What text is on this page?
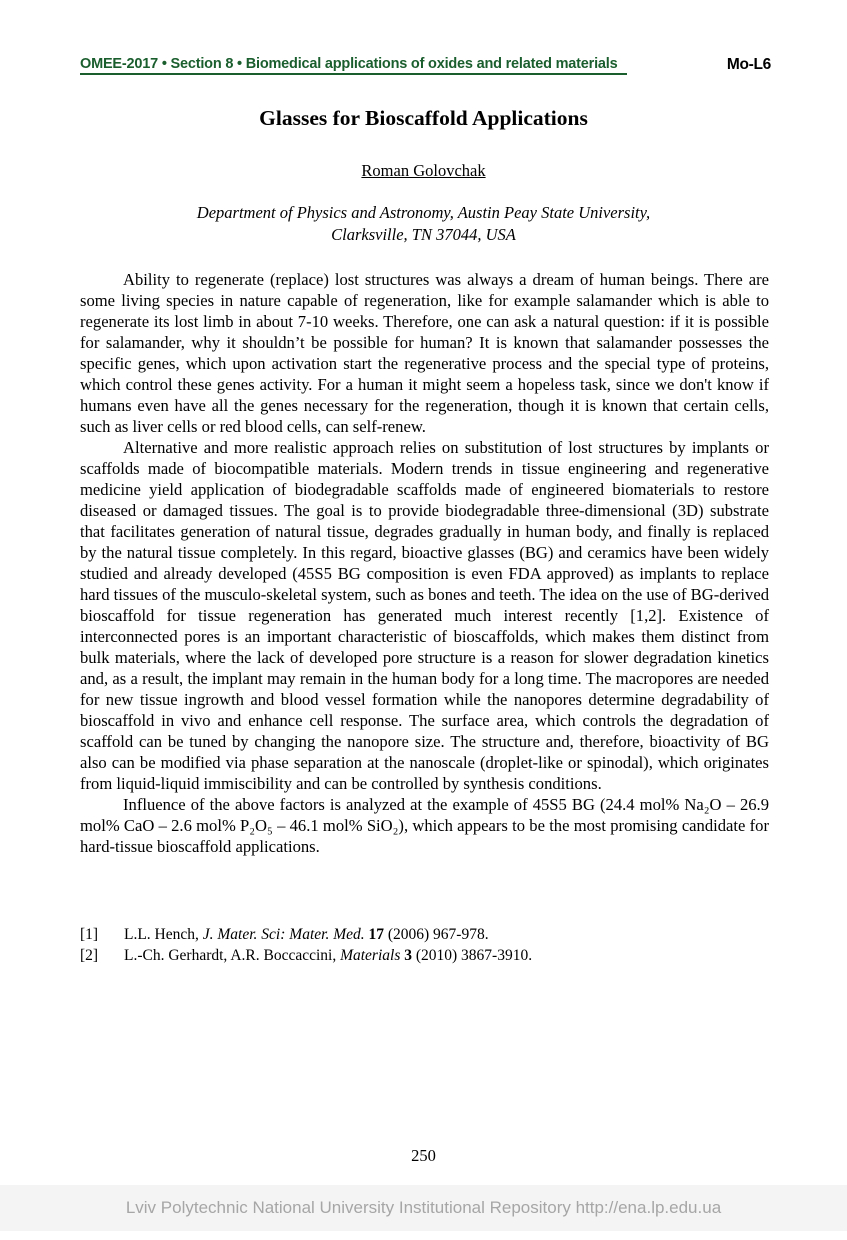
OMEE-2017 • Section 8 • Biomedical applications of oxides and related materials	Mo-L6
Glasses for Bioscaffold Applications
Roman Golovchak
Department of Physics and Astronomy, Austin Peay State University,
Clarksville, TN 37044, USA

Ability to regenerate (replace) lost structures was always a dream of human beings. There are some living species in nature capable of regeneration, like for example salamander which is able to regenerate its lost limb in about 7-10 weeks. Therefore, one can ask a natural question: if it is possible for salamander, why it shouldn’t be possible for human? It is known that salamander possesses the specific genes, which upon activation start the regenerative process and the special type of proteins, which control these genes activity. For a human it might seem a hopeless task, since we don't know if humans even have all the genes necessary for the regeneration, though it is known that certain cells, such as liver cells or red blood cells, can self-renew.

Alternative and more realistic approach relies on substitution of lost structures by implants or scaffolds made of biocompatible materials. Modern trends in tissue engineering and regenerative medicine yield application of biodegradable scaffolds made of engineered biomaterials to restore diseased or damaged tissues. The goal is to provide biodegradable three-dimensional (3D) substrate that facilitates generation of natural tissue, degrades gradually in human body, and finally is replaced by the natural tissue completely. In this regard, bioactive glasses (BG) and ceramics have been widely studied and already developed (45S5 BG composition is even FDA approved) as implants to replace hard tissues of the musculo-skeletal system, such as bones and teeth. The idea on the use of BG-derived bioscaffold for tissue regeneration has generated much interest recently [1,2]. Existence of interconnected pores is an important characteristic of bioscaffolds, which makes them distinct from bulk materials, where the lack of developed pore structure is a reason for slower degradation kinetics and, as a result, the implant may remain in the human body for a long time. The macropores are needed for new tissue ingrowth and blood vessel formation while the nanopores determine degradability of bioscaffold in vivo and enhance cell response. The surface area, which controls the degradation of scaffold can be tuned by changing the nanopore size. The structure and, therefore, bioactivity of BG also can be modified via phase separation at the nanoscale (droplet-like or spinodal), which originates from liquid-liquid immiscibility and can be controlled by synthesis conditions.

Influence of the above factors is analyzed at the example of 45S5 BG (24.4 mol% Na₂O – 26.9 mol% CaO – 2.6 mol% P₂O₅ – 46.1 mol% SiO₂), which appears to be the most promising candidate for hard-tissue bioscaffold applications.

[1]	L.L. Hench, J. Mater. Sci: Mater. Med. 17 (2006) 967-978.
[2]	L.-Ch. Gerhardt, A.R. Boccaccini, Materials 3 (2010) 3867-3910.
250
Lviv Polytechnic National University Institutional Repository http://ena.lp.edu.ua
